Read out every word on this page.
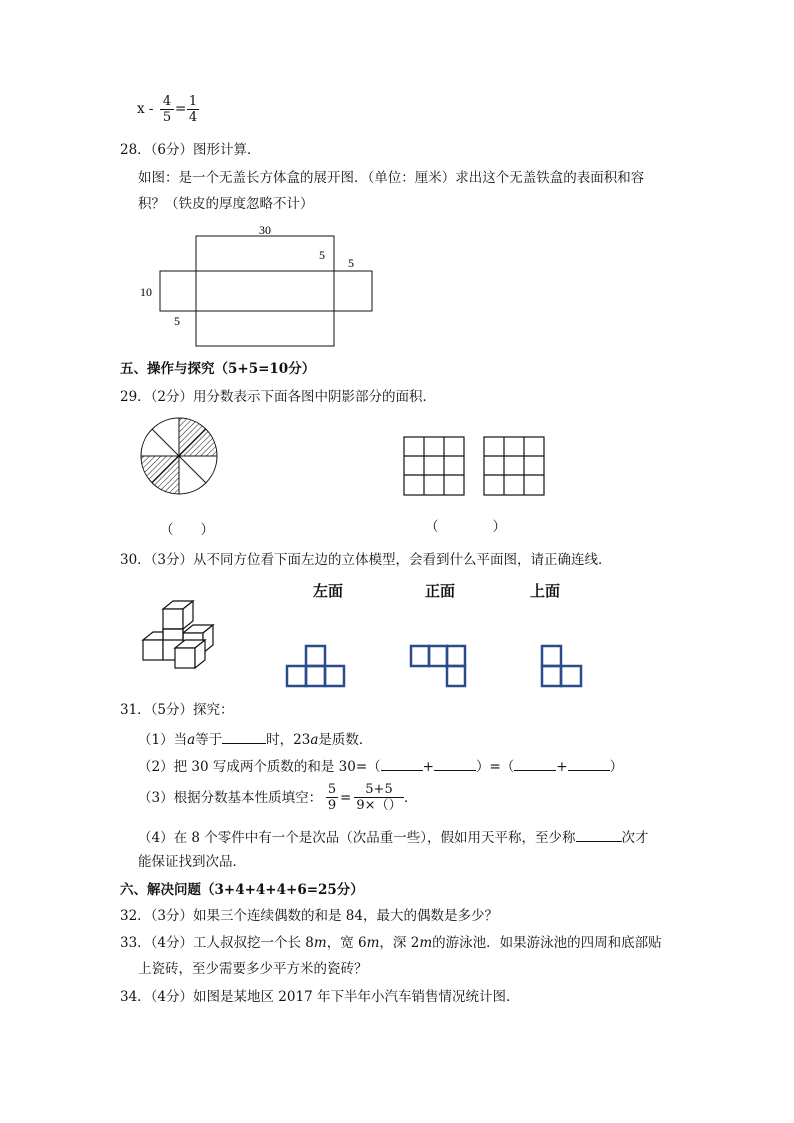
x - 4
5
= 1
4
28．（6分）图形计算．
如图：是一个无盖长方体盒的展开图．（单位：厘米）求出这个无盖铁盒的表面积和容
积？（铁皮的厚度忽略不计）
30
5
5
10
5
五、操作与探究（5+5=10分）
29．（2分）用分数表示下面各图中阴影部分的面积．
（　　）	（　　　　）
30．（3分）从不同方位看下面左边的立体模型，会看到什么平面图，请正确连线．
左面	正面	上面
31．（5分）探究：
（1）当a等于	时，23a是质数．
（2）把 30 写成两个质数的和是 30=（	+	）=（	+	）
（3）根据分数基本性质填空：
5
9 =
5+5
9×（） ．
（4）在 8 个零件中有一个是次品（次品重一些），假如用天平称，至少称	次才
能保证找到次品．
六、解决问题（3+4+4+4+6=25分）
32．（3分）如果三个连续偶数的和是 84，最大的偶数是多少？
33．（4分）工人叔叔挖一个长 8m，宽 6m，深 2m的游泳池．如果游泳池的四周和底部贴
上瓷砖，至少需要多少平方米的瓷砖？
34．（4分）如图是某地区 2017 年下半年小汽车销售情况统计图．
